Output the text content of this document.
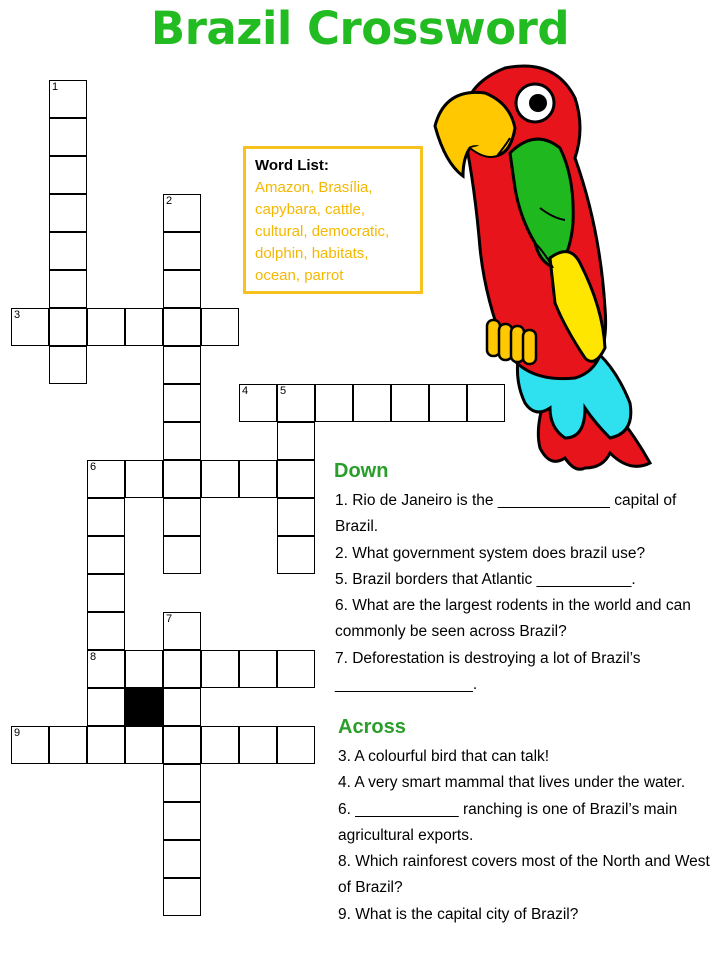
Brazil Crossword
1
3
2
4	5
6
8
7
9
Word List:
Amazon, Brasília, capybara, cattle, cultural, democratic, dolphin, habitats, ocean, parrot
Down
1. Rio de Janeiro is the _____________ capital of Brazil.
2. What government system does brazil use?
5. Brazil borders that Atlantic ___________.
6. What are the largest rodents in the world and can commonly be seen across Brazil?
7. Deforestation is destroying a lot of Brazil’s ________________.
Across
3. A colourful bird that can talk!
4. A very smart mammal that lives under the water.
6. ____________ ranching is one of Brazil’s main agricultural exports.
8. Which rainforest covers most of the North and West of Brazil?
9. What is the capital city of Brazil?
